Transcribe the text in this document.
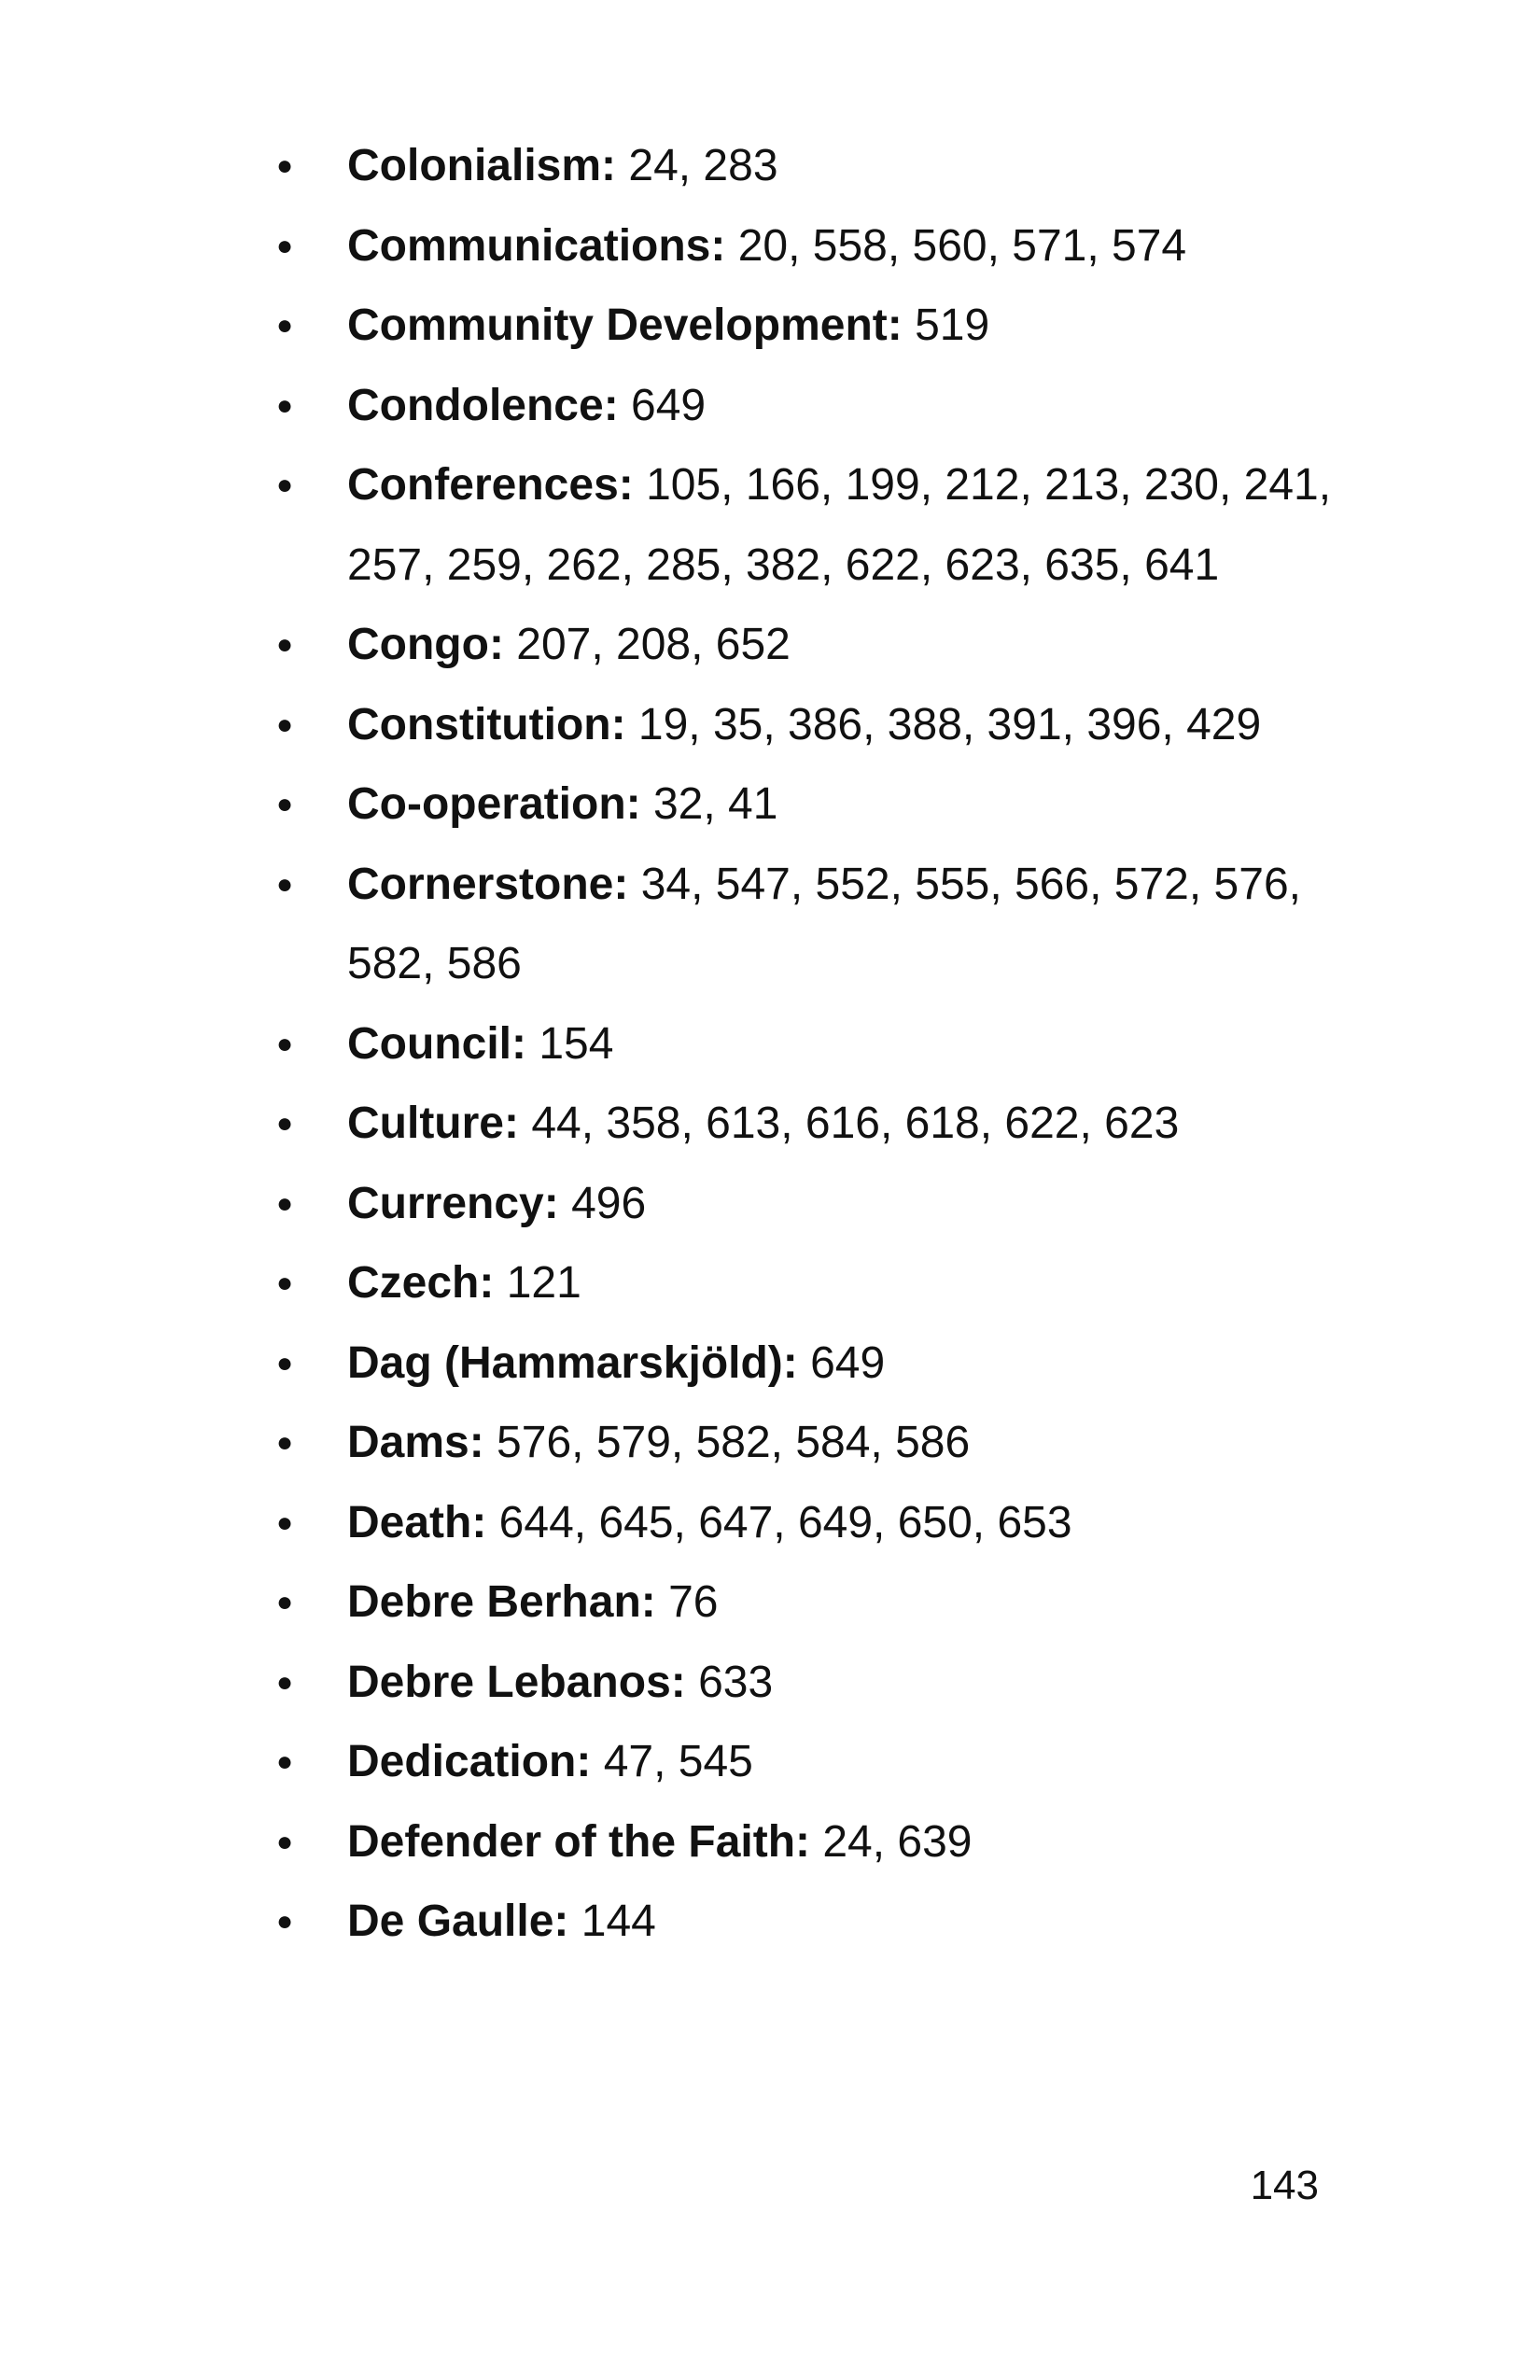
● Colonialism: 24, 283
● Communications: 20, 558, 560, 571, 574
● Community Development: 519
● Condolence: 649
● Conferences: 105, 166, 199, 212, 213, 230, 241, 257, 259, 262, 285, 382, 622, 623, 635, 641
● Congo: 207, 208, 652
● Constitution: 19, 35, 386, 388, 391, 396, 429
● Co-operation: 32, 41
● Cornerstone: 34, 547, 552, 555, 566, 572, 576, 582, 586
● Council: 154
● Culture: 44, 358, 613, 616, 618, 622, 623
● Currency: 496
● Czech: 121
● Dag (Hammarskjöld): 649
● Dams: 576, 579, 582, 584, 586
● Death: 644, 645, 647, 649, 650, 653
● Debre Berhan: 76
● Debre Lebanos: 633
● Dedication: 47, 545
● Defender of the Faith: 24, 639
● De Gaulle: 144
143
